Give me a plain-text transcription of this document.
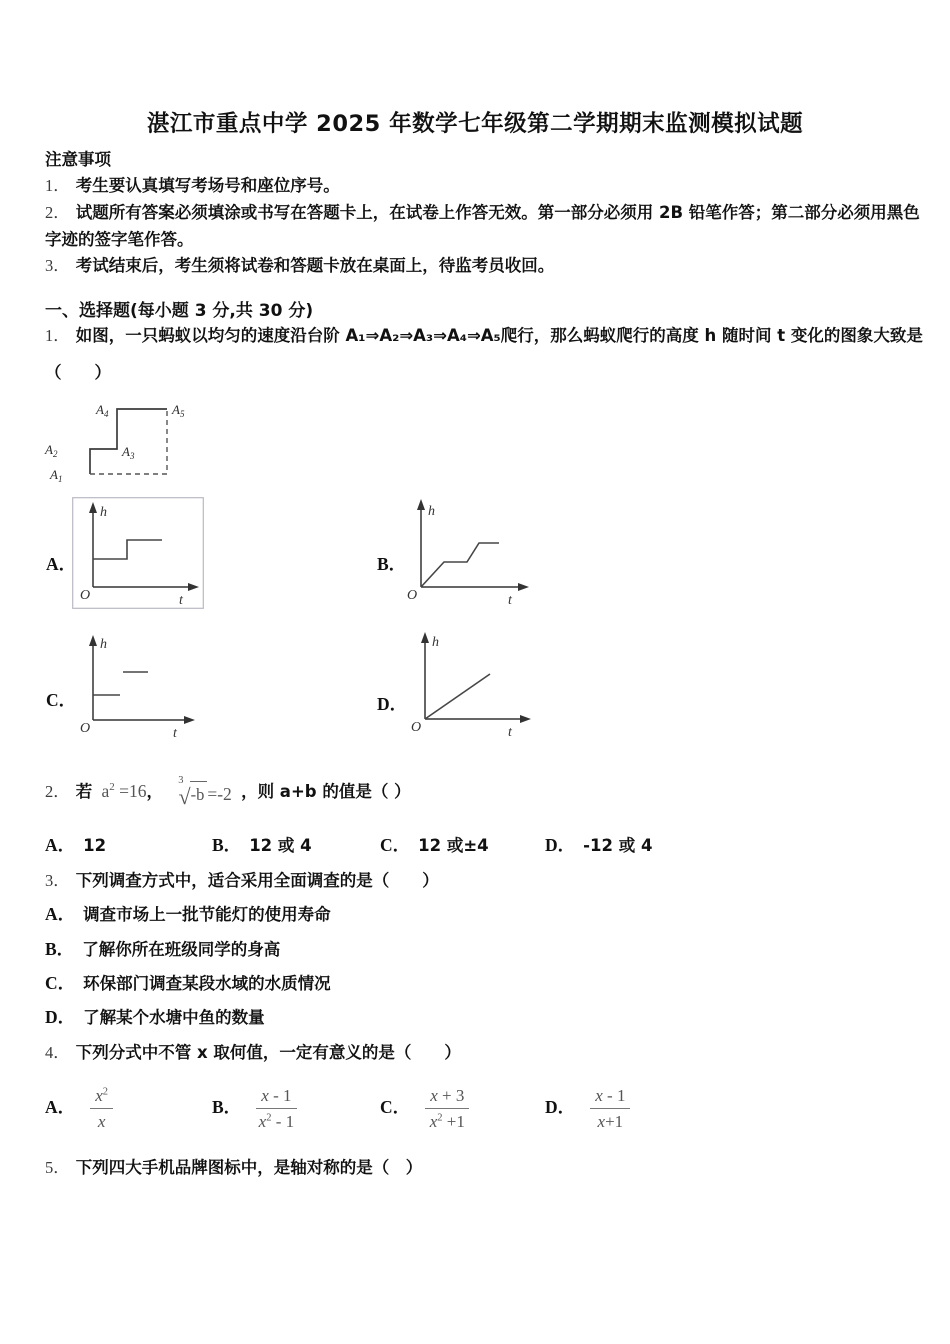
湛江市重点中学 2025 年数学七年级第二学期期末监测模拟试题
注意事项
1． 考生要认真填写考场号和座位序号。
2． 试题所有答案必须填涂或书写在答题卡上，在试卷上作答无效。第一部分必须用 2B 铅笔作答；第二部分必须用黑色字迹的签字笔作答。
3． 考试结束后，考生须将试卷和答题卡放在桌面上，待监考员收回。
一、选择题(每小题 3 分,共 30 分)
1． 如图，一只蚂蚁以均匀的速度沿台阶 A₁⇒A₂⇒A₃⇒A₄⇒A₅爬行，那么蚂蚁爬行的高度 h 随时间 t 变化的图象大致是
（　　）
$A_4$	$A_5$
$A_2$	$A_3$
$A_1$
A．
h
O	t
B．
h
O	t
C．
h
O	t
D．
h
O	t
2． 若 $a^2 =16$，
$^3$
√ -b =-2 ，则 a+b 的值是（ ）
A． 12	B． 12 或 4	C． 12 或±4	D． -12 或 4
3． 下列调查方式中，适合采用全面调查的是（　　）
A． 调查市场上一批节能灯的使用寿命
B． 了解你所在班级同学的身高
C． 环保部门调查某段水域的水质情况
D． 了解某个水塘中鱼的数量
4． 下列分式中不管 x 取何值，一定有意义的是（　　）
A． $\frac{x^2}{x}$	B． $\frac{x - 1}{x^2 - 1}$	C． $\frac{x + 3}{x^2 +1}$	D． $\frac{x - 1}{x+1}$
5． 下列四大手机品牌图标中，是轴对称的是（　）
